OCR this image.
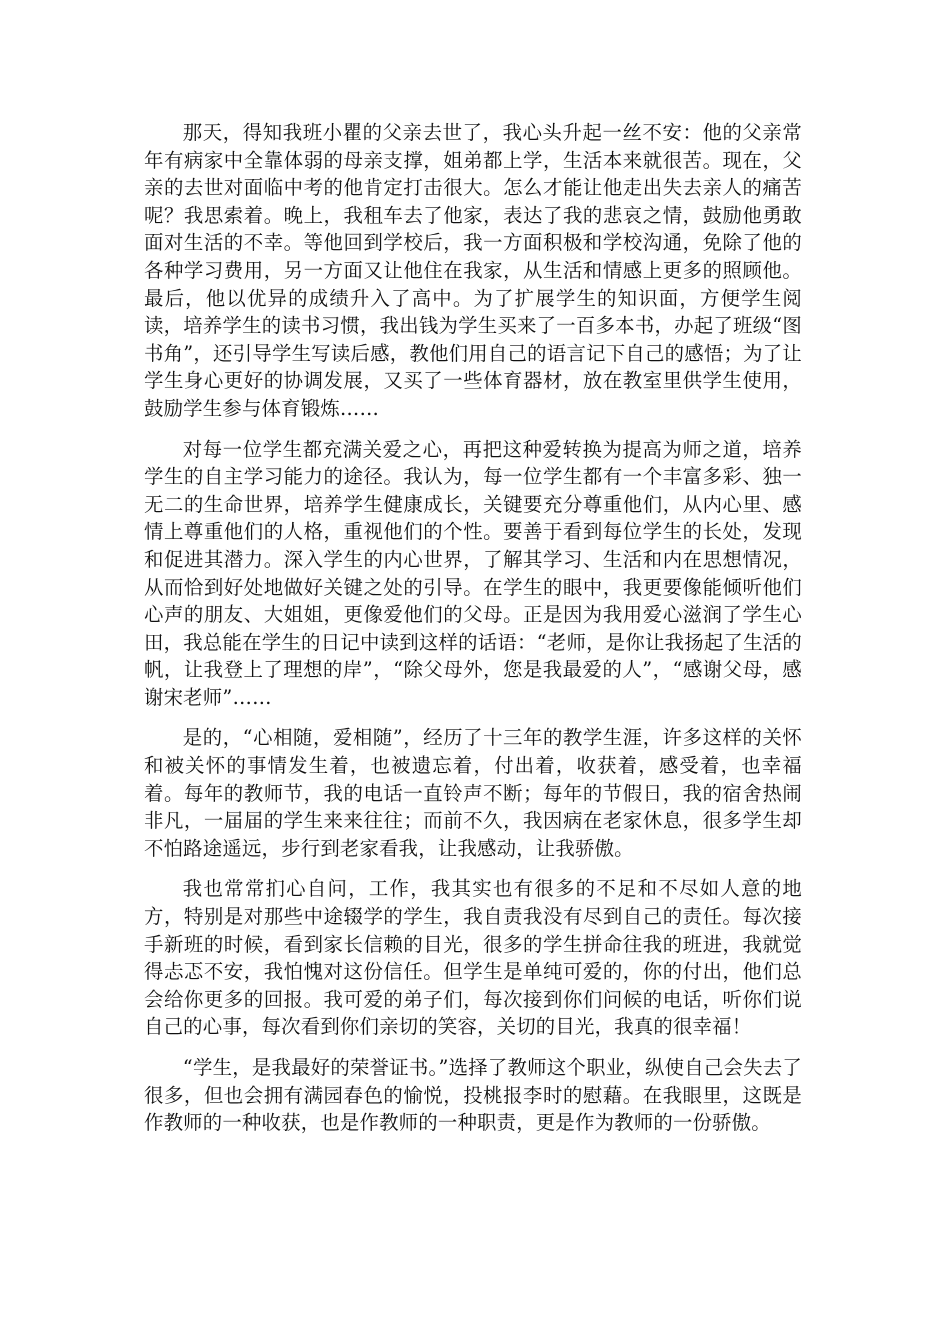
那天，得知我班小瞿的父亲去世了，我心头升起一丝不安：他的父亲常年有病家中全靠体弱的母亲支撑，姐弟都上学，生活本来就很苦。现在，父亲的去世对面临中考的他肯定打击很大。怎么才能让他走出失去亲人的痛苦呢？我思索着。晚上，我租车去了他家，表达了我的悲哀之情，鼓励他勇敢面对生活的不幸。等他回到学校后，我一方面积极和学校沟通，免除了他的各种学习费用，另一方面又让他住在我家，从生活和情感上更多的照顾他。最后，他以优异的成绩升入了高中。为了扩展学生的知识面，方便学生阅读，培养学生的读书习惯，我出钱为学生买来了一百多本书，办起了班级“图书角”，还引导学生写读后感，教他们用自己的语言记下自己的感悟；为了让学生身心更好的协调发展，又买了一些体育器材，放在教室里供学生使用，鼓励学生参与体育锻炼……

对每一位学生都充满关爱之心，再把这种爱转换为提高为师之道，培养学生的自主学习能力的途径。我认为，每一位学生都有一个丰富多彩、独一无二的生命世界，培养学生健康成长，关键要充分尊重他们，从内心里、感情上尊重他们的人格，重视他们的个性。要善于看到每位学生的长处，发现和促进其潜力。深入学生的内心世界，了解其学习、生活和内在思想情况，从而恰到好处地做好关键之处的引导。在学生的眼中，我更要像能倾听他们心声的朋友、大姐姐，更像爱他们的父母。正是因为我用爱心滋润了学生心田，我总能在学生的日记中读到这样的话语：“老师，是你让我扬起了生活的帆，让我登上了理想的岸”，“除父母外，您是我最爱的人”，“感谢父母，感谢宋老师”……

是的，“心相随，爱相随”，经历了十三年的教学生涯，许多这样的关怀和被关怀的事情发生着，也被遗忘着，付出着，收获着，感受着，也幸福着。每年的教师节，我的电话一直铃声不断；每年的节假日，我的宿舍热闹非凡，一届届的学生来来往往；而前不久，我因病在老家休息，很多学生却不怕路途遥远，步行到老家看我，让我感动，让我骄傲。

我也常常扪心自问，工作，我其实也有很多的不足和不尽如人意的地方，特别是对那些中途辍学的学生，我自责我没有尽到自己的责任。每次接手新班的时候，看到家长信赖的目光，很多的学生拼命往我的班进，我就觉得忐忑不安，我怕愧对这份信任。但学生是单纯可爱的，你的付出，他们总会给你更多的回报。我可爱的弟子们，每次接到你们问候的电话，听你们说自己的心事，每次看到你们亲切的笑容，关切的目光，我真的很幸福！

“学生，是我最好的荣誉证书。”选择了教师这个职业，纵使自己会失去了很多，但也会拥有满园春色的愉悦，投桃报李时的慰藉。在我眼里，这既是作教师的一种收获，也是作教师的一种职责，更是作为教师的一份骄傲。
